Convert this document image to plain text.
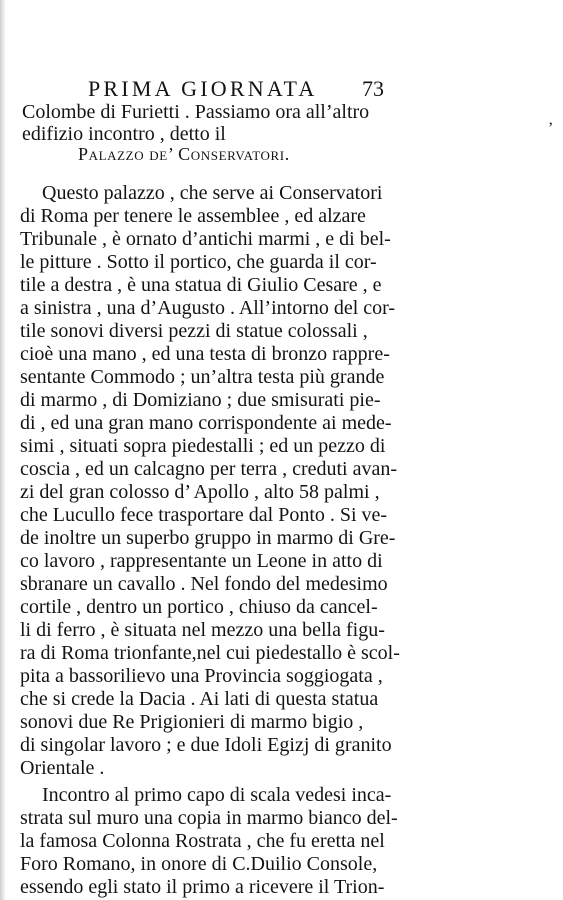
PRIMA GIORNATA 73
Colombe di Furietti . Passiamo ora all’altro
edifizio incontro , detto il	’
Palazzo de’ Conservatori.
Questo palazzo , che serve ai Conservatori
di Roma per tenere le assemblee , ed alzare
Tribunale , è ornato d’antichi marmi , e di bel-
le pitture . Sotto il portico, che guarda il cor-
tile a destra , è una statua di Giulio Cesare , e
a sinistra , una d’Augusto . All’intorno del cor-
tile sonovi diversi pezzi di statue colossali ,
cioè una mano , ed una testa di bronzo rappre-
sentante Commodo ; un’altra testa più grande
di marmo , di Domiziano ; due smisurati pie-
di , ed una gran mano corrispondente ai mede-
simi , situati sopra piedestalli ; ed un pezzo di
coscia , ed un calcagno per terra , creduti avan-
zi del gran colosso d’ Apollo , alto 58 palmi ,
che Lucullo fece trasportare dal Ponto . Si ve-
de inoltre un superbo gruppo in marmo di Gre-
co lavoro , rappresentante un Leone in atto di
sbranare un cavallo . Nel fondo del medesimo
cortile , dentro un portico , chiuso da cancel-
li di ferro , è situata nel mezzo una bella figu-
ra di Roma trionfante,nel cui piedestallo è scol-
pita a bassorilievo una Provincia soggiogata ,
che si crede la Dacia . Ai lati di questa statua
sonovi due Re Prigionieri di marmo bigio ,
di singolar lavoro ; e due Idoli Egizj di granito
Orientale .
Incontro al primo capo di scala vedesi inca-
strata sul muro una copia in marmo bianco del-
la famosa Colonna Rostrata , che fu eretta nel
Foro Romano, in onore di C.Duilio Console,
essendo egli stato il primo a ricevere il Trion-
